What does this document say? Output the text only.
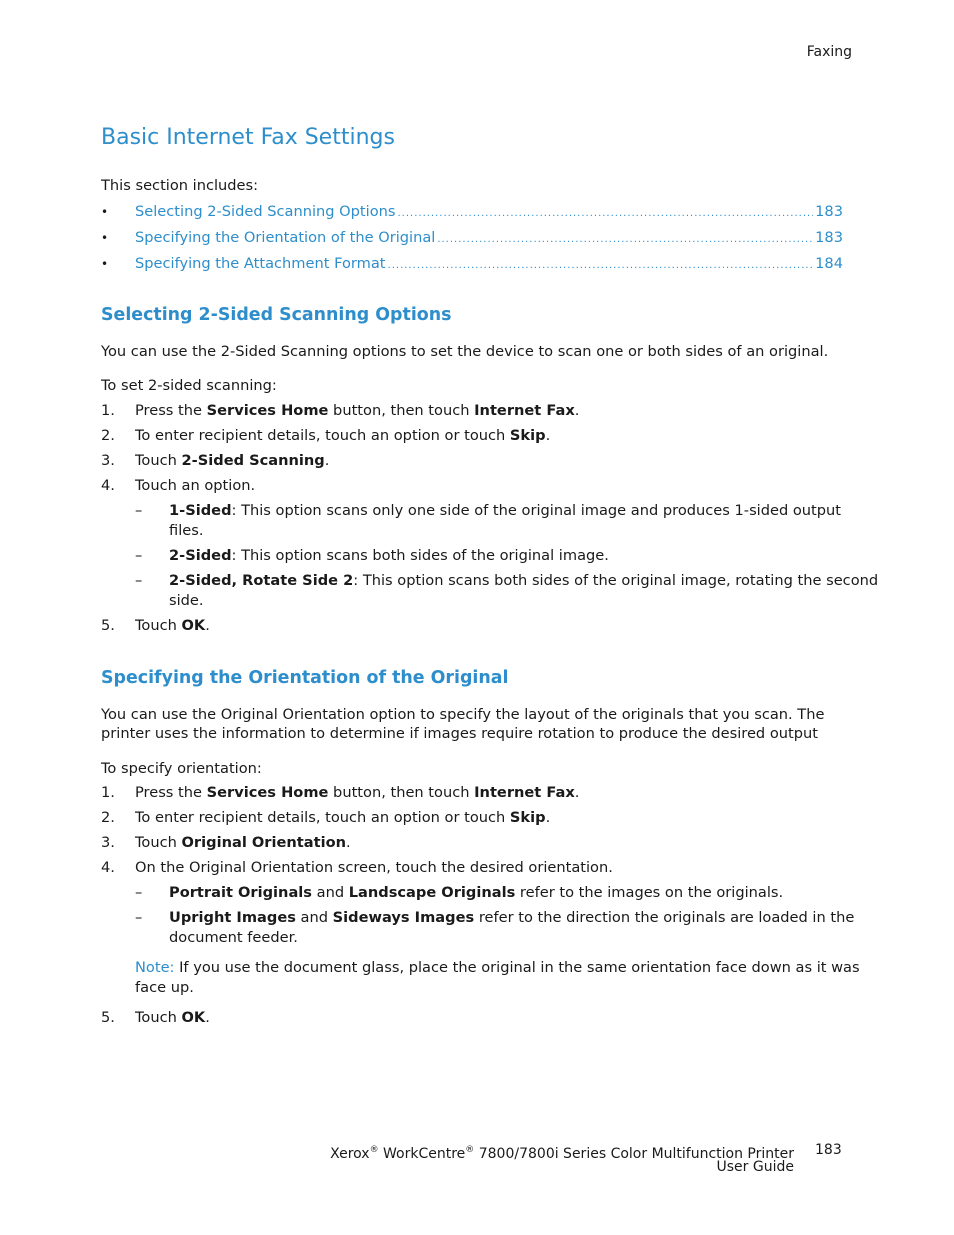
Faxing
Basic Internet Fax Settings
This section includes:
•	Selecting 2-Sided Scanning Options .....	183
•	Specifying the Orientation of the Original .....	183
•	Specifying the Attachment Format .....	184
Selecting 2-Sided Scanning Options
You can use the 2-Sided Scanning options to set the device to scan one or both sides of an original.
To set 2-sided scanning:
1.	Press the Services Home button, then touch Internet Fax.
2.	To enter recipient details, touch an option or touch Skip.
3.	Touch 2-Sided Scanning.
4.	Touch an option.
–	1-Sided: This option scans only one side of the original image and produces 1-sided output
files.
–	2-Sided: This option scans both sides of the original image.
–	2-Sided, Rotate Side 2: This option scans both sides of the original image, rotating the second
side.
5.	Touch OK.
Specifying the Orientation of the Original
You can use the Original Orientation option to specify the layout of the originals that you scan. The
printer uses the information to determine if images require rotation to produce the desired output
To specify orientation:
1.	Press the Services Home button, then touch Internet Fax.
2.	To enter recipient details, touch an option or touch Skip.
3.	Touch Original Orientation.
4.	On the Original Orientation screen, touch the desired orientation.
–	Portrait Originals and Landscape Originals refer to the images on the originals.
–	Upright Images and Sideways Images refer to the direction the originals are loaded in the
document feeder.
Note: If you use the document glass, place the original in the same orientation face down as it was
face up.
5.	Touch OK.
Xerox® WorkCentre® 7800/7800i Series Color Multifunction Printer
User Guide
183
